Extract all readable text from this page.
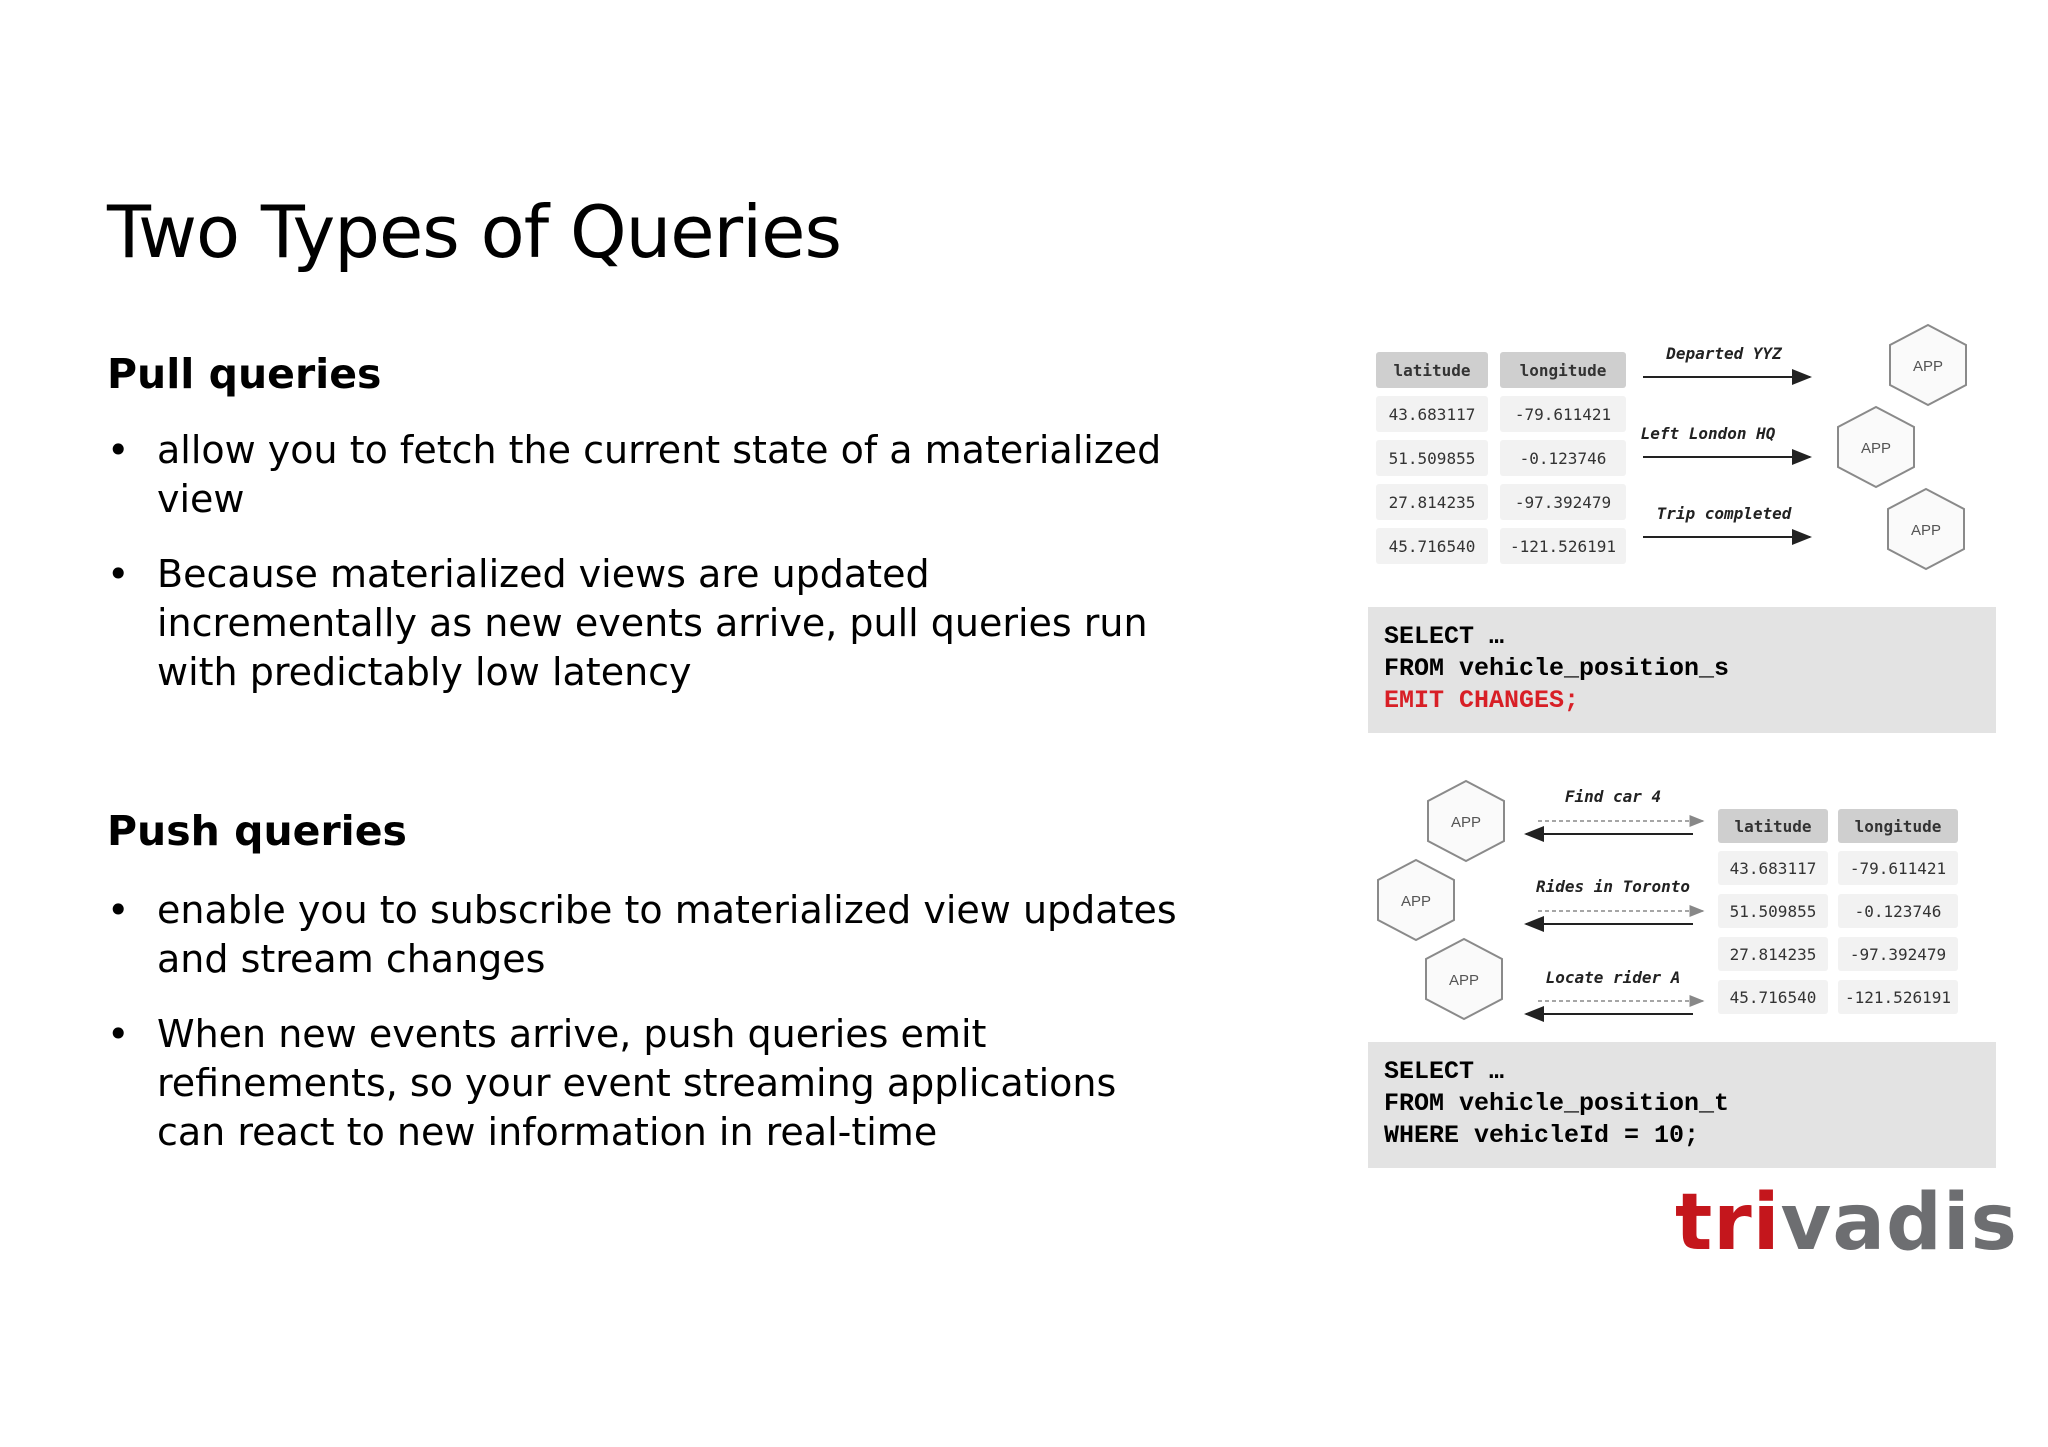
Two Types of Queries
Pull queries
• allow you to fetch the current state of a materialized view
• Because materialized views are updated incrementally as new events arrive, pull queries run with predictably low latency
Push queries
• enable you to subscribe to materialized view updates and stream changes
• When new events arrive, push queries emit refinements, so your event streaming applications can react to new information in real-time
latitude	longitude
43.683117 -79.611421
51.509855	-0.123746
27.814235 -97.392479
45.716540 -121.526191
Departed YYZ
Left London HQ
Trip completed
APP
APP
APP
SELECT …
FROM vehicle_position_s
EMIT CHANGES;
APP
APP
APP
Find car 4
Rides in Toronto
Locate rider A
latitude	longitude
43.683117 -79.611421
51.509855 -0.123746
27.814235 -97.392479
45.716540 -121.526191
SELECT …
FROM vehicle_position_t
WHERE vehicleId = 10;
trivadis
